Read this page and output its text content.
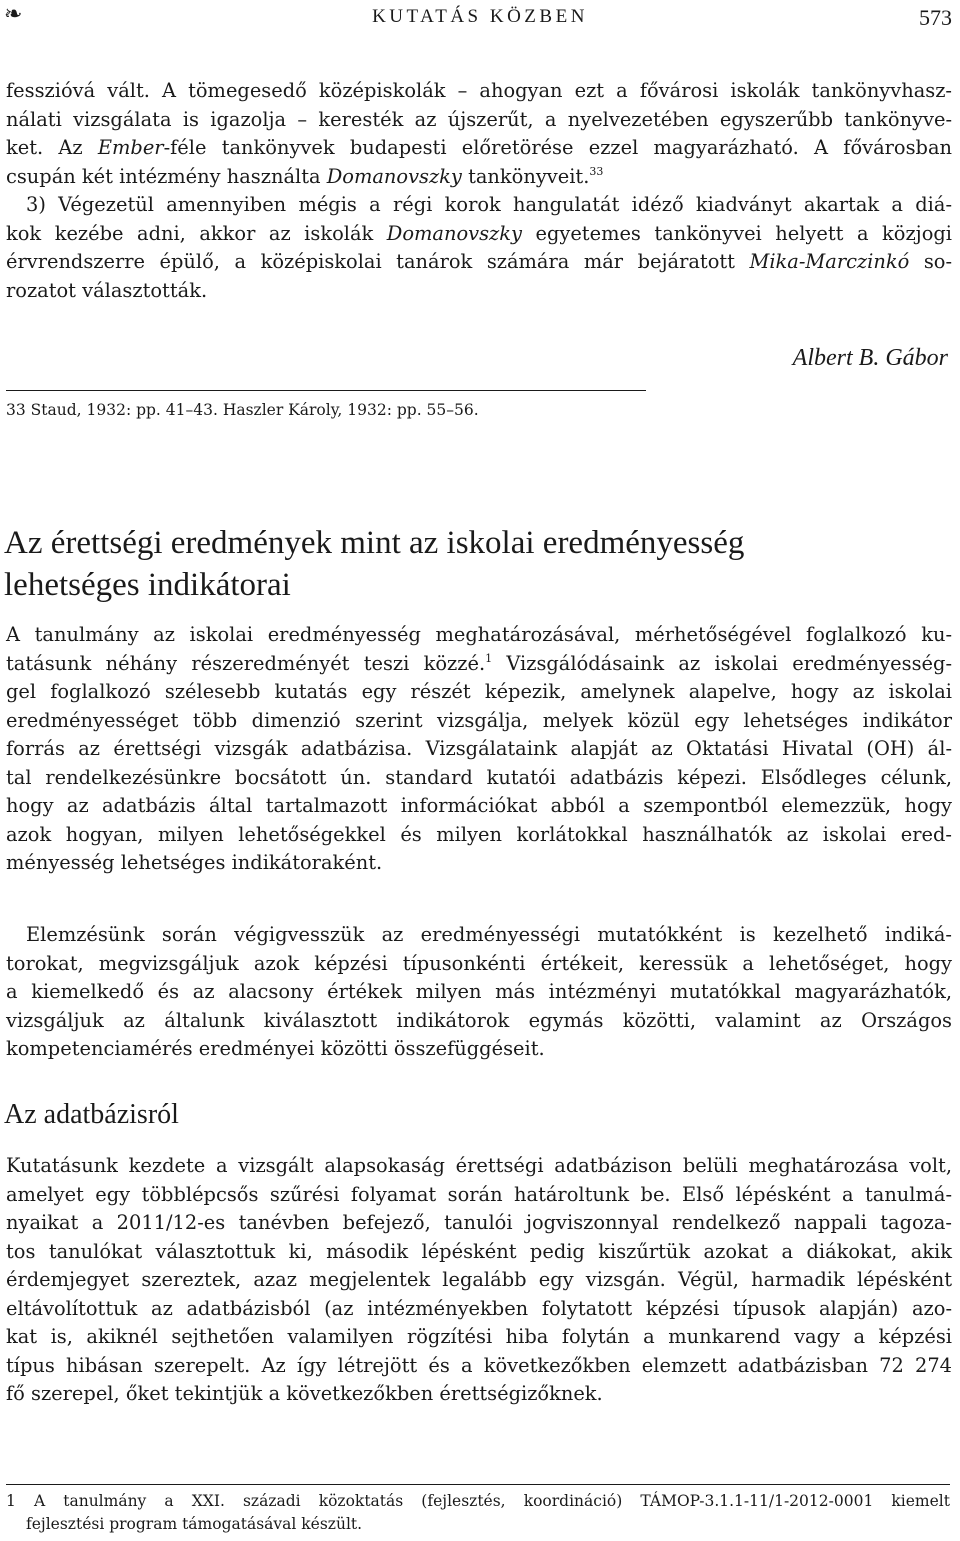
❧	KUTATÁS KÖZBEN	573
fesszióvá vált. A tömegesedő középiskolák – ahogyan ezt a fővárosi iskolák tankönyvhasz-
nálati vizsgálata is igazolja – keresték az újszerűt, a nyelvezetében egyszerűbb tankönyve-
ket. Az Ember-féle tankönyvek budapesti előretörése ezzel magyarázható. A fővárosban
csupán két intézmény használta Domanovszky tankönyveit.$^{33}$
3) Végezetül amennyiben mégis a régi korok hangulatát idéző kiadványt akartak a diá-
kok kezébe adni, akkor az iskolák Domanovszky egyetemes tankönyvei helyett a közjogi
érvrendszerre épülő, a középiskolai tanárok számára már bejáratott Mika-Marczinkó so-
rozatot választották.
Albert B. Gábor
33 Staud, 1932: pp. 41–43. Haszler Károly, 1932: pp. 55–56.
Az érettségi eredmények mint az iskolai eredményesség
lehetséges indikátorai
A tanulmány az iskolai eredményesség meghatározásával, mérhetőségével foglalkozó ku-
tatásunk néhány részeredményét teszi közzé.$^1$ Vizsgálódásaink az iskolai eredményesség-
gel foglalkozó szélesebb kutatás egy részét képezik, amelynek alapelve, hogy az iskolai
eredményességet több dimenzió szerint vizsgálja, melyek közül egy lehetséges indikátor
forrás az érettségi vizsgák adatbázisa. Vizsgálataink alapját az Oktatási Hivatal (OH) ál-
tal rendelkezésünkre bocsátott ún. standard kutatói adatbázis képezi. Elsődleges célunk,
hogy az adatbázis által tartalmazott információkat abból a szempontból elemezzük, hogy
azok hogyan, milyen lehetőségekkel és milyen korlátokkal használhatók az iskolai ered-
ményesség lehetséges indikátoraként.
Elemzésünk során végigvesszük az eredményességi mutatókként is kezelhető indiká-
torokat, megvizsgáljuk azok képzési típusonkénti értékeit, keressük a lehetőséget, hogy
a kiemelkedő és az alacsony értékek milyen más intézményi mutatókkal magyarázhatók,
vizsgáljuk az általunk kiválasztott indikátorok egymás közötti, valamint az Országos
kompetenciamérés eredményei közötti összefüggéseit.
Az adatbázisról
Kutatásunk kezdete a vizsgált alapsokaság érettségi adatbázison belüli meghatározása volt,
amelyet egy többlépcsős szűrési folyamat során határoltunk be. Első lépésként a tanulmá-
nyaikat a 2011/12-es tanévben befejező, tanulói jogviszonnyal rendelkező nappali tagoza-
tos tanulókat választottuk ki, második lépésként pedig kiszűrtük azokat a diákokat, akik
érdemjegyet szereztek, azaz megjelentek legalább egy vizsgán. Végül, harmadik lépésként
eltávolítottuk az adatbázisból (az intézményekben folytatott képzési típusok alapján) azo-
kat is, akiknél sejthetően valamilyen rögzítési hiba folytán a munkarend vagy a képzési
típus hibásan szerepelt. Az így létrejött és a következőkben elemzett adatbázisban 72 274
fő szerepel, őket tekintjük a következőkben érettségizőknek.
1 A tanulmány a XXI. századi közoktatás (fejlesztés, koordináció) TÁMOP-3.1.1-11/1-2012-0001 kiemelt
fejlesztési program támogatásával készült.
